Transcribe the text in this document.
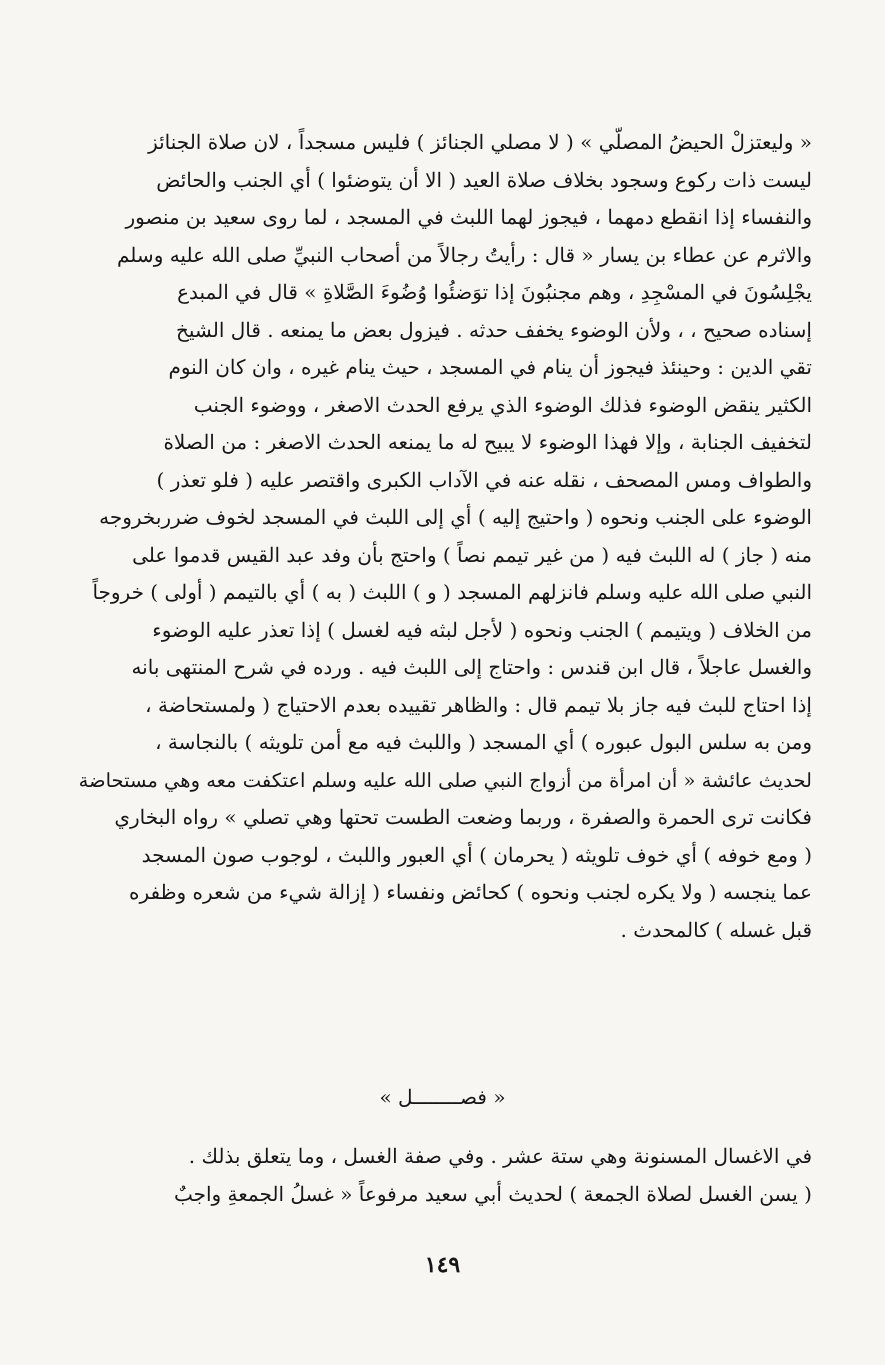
« وليعتزلْ الحيضُ المصلّي » ( لا مصلي الجنائز ) فليس مسجداً ، لان صلاة الجنائز
ليست ذات ركوع وسجود بخلاف صلاة العيد ( الا أن يتوضئوا ) أي الجنب والحائض
والنفساء إذا انقطع دمهما ، فيجوز لهما اللبث في المسجد ، لما روى سعيد بن منصور
والاثرم عن عطاء بن يسار « قال : رأيتُ رجالاً من أصحاب النبيِّ صلى الله عليه وسلم
يجْلِسُونَ في المسْجِدِ ، وهم مجنبُونَ إذا توَضئُوا وُضُوءَ الصَّلاةِ » قال في المبدع
إسناده صحيح ، ، ولأن الوضوء يخفف حدثه . فيزول بعض ما يمنعه . قال الشيخ
تقي الدين : وحينئذ فيجوز أن ينام في المسجد ، حيث ينام غيره ، وان كان النوم
الكثير ينقض الوضوء فذلك الوضوء الذي يرفع الحدث الاصغر ، ووضوء الجنب
لتخفيف الجنابة ، وإلا فهذا الوضوء لا يبيح له ما يمنعه الحدث الاصغر : من الصلاة
والطواف ومس المصحف ، نقله عنه في الآداب الكبرى واقتصر عليه ( فلو تعذر )
الوضوء على الجنب ونحوه ( واحتيج إليه ) أي إلى اللبث في المسجد لخوف ضرربخروجه
منه ( جاز ) له اللبث فيه ( من غير تيمم نصاً ) واحتج بأن وفد عبد القيس قدموا على
النبي صلى الله عليه وسلم فانزلهم المسجد ( و ) اللبث ( به ) أي بالتيمم ( أولى ) خروجاً
من الخلاف ( ويتيمم ) الجنب ونحوه ( لأجل لبثه فيه لغسل ) إذا تعذر عليه الوضوء
والغسل عاجلاً ، قال ابن قندس : واحتاج إلى اللبث فيه . ورده في شرح المنتهى بانه
إذا احتاج للبث فيه جاز بلا تيمم قال : والظاهر تقييده بعدم الاحتياج ( ولمستحاضة ،
ومن به سلس البول عبوره ) أي المسجد ( واللبث فيه مع أمن تلويثه ) بالنجاسة ،
لحديث عائشة « أن امرأة من أزواج النبي صلى الله عليه وسلم اعتكفت معه وهي مستحاضة
فكانت ترى الحمرة والصفرة ، وربما وضعت الطست تحتها وهي تصلي » رواه البخاري
( ومع خوفه ) أي خوف تلويثه ( يحرمان ) أي العبور واللبث ، لوجوب صون المسجد
عما ينجسه ( ولا يكره لجنب ونحوه ) كحائض ونفساء ( إزالة شيء من شعره وظفره
قبل غسله ) كالمحدث .
« فصــــــــل »
في الاغسال المسنونة وهي ستة عشر . وفي صفة الغسل ، وما يتعلق بذلك .
( يسن الغسل لصلاة الجمعة ) لحديث أبي سعيد مرفوعاً « غسلُ الجمعةِ واجبٌ
١٤٩
